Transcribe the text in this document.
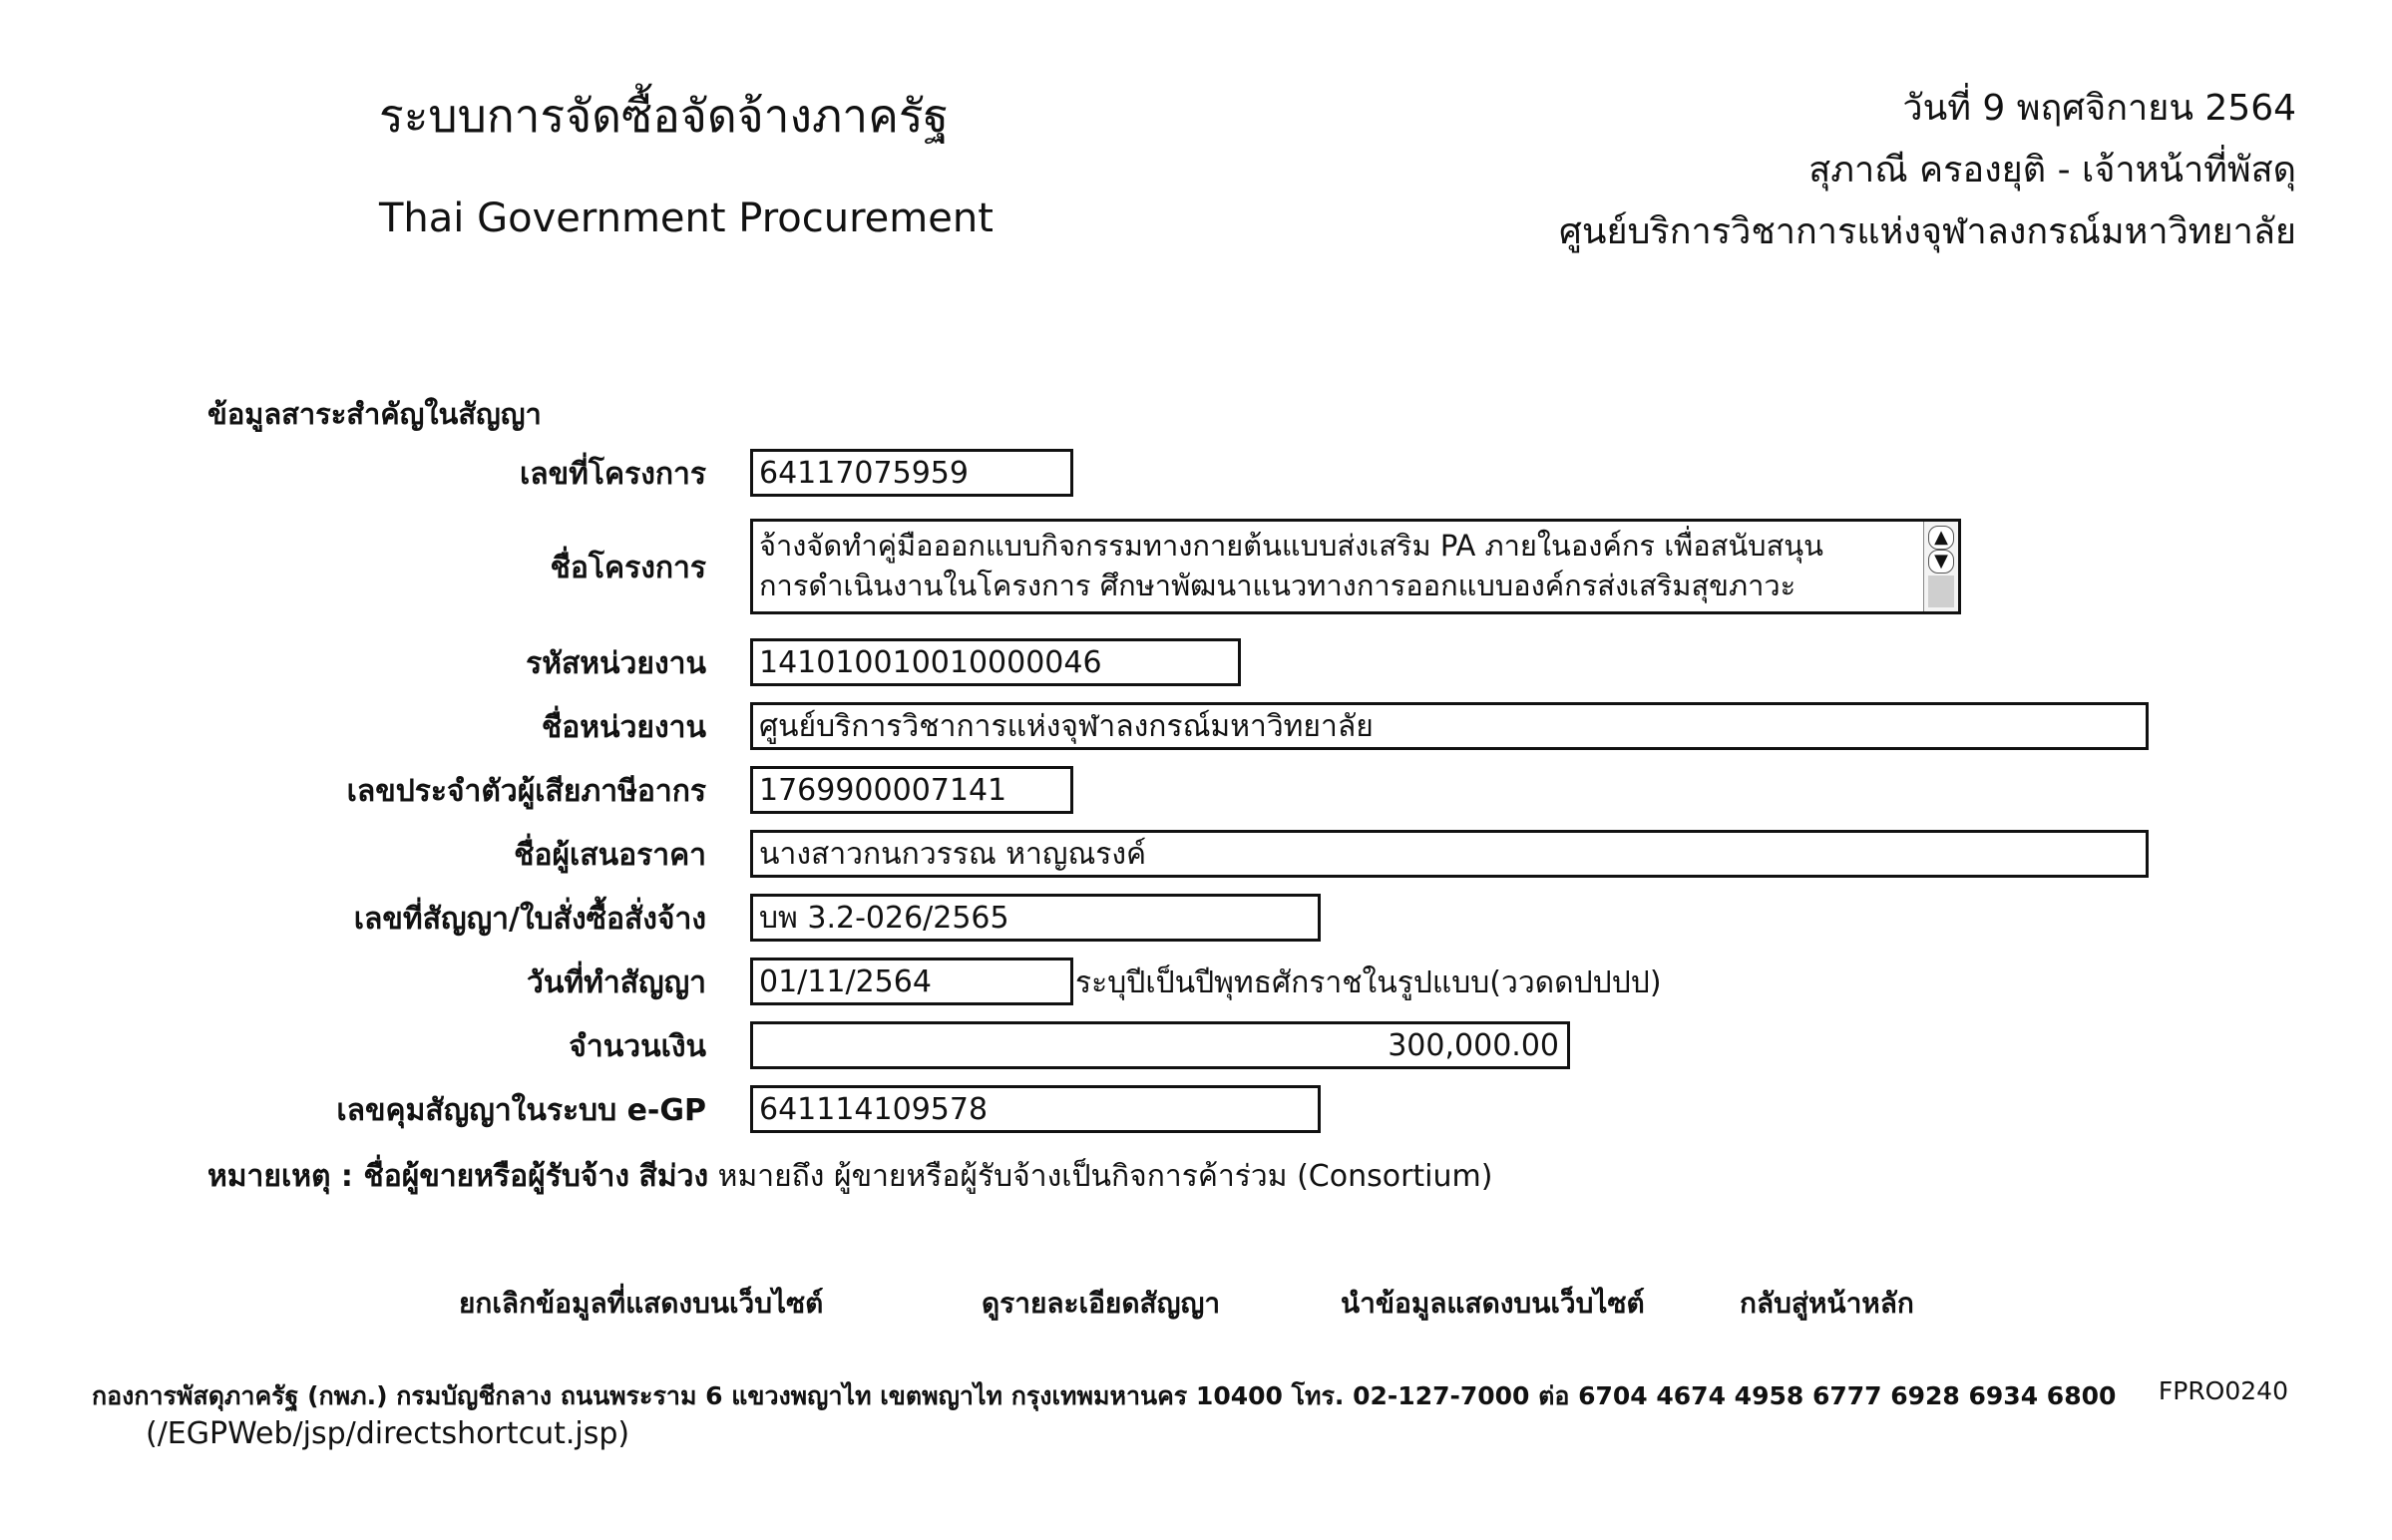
ระบบการจัดซื้อจัดจ้างภาครัฐ
Thai Government Procurement
วันที่ 9 พฤศจิกายน 2564
สุภาณี ครองยุติ - เจ้าหน้าที่พัสดุ
ศูนย์บริการวิชาการแห่งจุฬาลงกรณ์มหาวิทยาลัย
ข้อมูลสาระสำคัญในสัญญา
เลขที่โครงการ	64117075959
ชื่อโครงการ
จ้างจัดทำคู่มือออกแบบกิจกรรมทางกายต้นแบบส่งเสริม PA ภายในองค์กร เพื่อสนับสนุน
การดำเนินงานในโครงการ ศึกษาพัฒนาแนวทางการออกแบบองค์กรส่งเสริมสุขภาวะ
▲
▼
รหัสหน่วยงาน	141010010010000046
ชื่อหน่วยงาน	ศูนย์บริการวิชาการแห่งจุฬาลงกรณ์มหาวิทยาลัย
เลขประจำตัวผู้เสียภาษีอากร	1769900007141
ชื่อผู้เสนอราคา	นางสาวกนกวรรณ หาญณรงค์
เลขที่สัญญา/ใบสั่งซื้อสั่งจ้าง	บพ 3.2-026/2565
วันที่ทำสัญญา	01/11/2564	ระบุปีเป็นปีพุทธศักราชในรูปแบบ(ววดดปปปป)
จำนวนเงิน	300,000.00
เลขคุมสัญญาในระบบ e-GP	641114109578
หมายเหตุ : ชื่อผู้ขายหรือผู้รับจ้าง สีม่วง หมายถึง ผู้ขายหรือผู้รับจ้างเป็นกิจการค้าร่วม (Consortium)
ยกเลิกข้อมูลที่แสดงบนเว็บไซต์	ดูรายละเอียดสัญญา	นำข้อมูลแสดงบนเว็บไซต์	กลับสู่หน้าหลัก
กองการพัสดุภาครัฐ (กพภ.) กรมบัญชีกลาง ถนนพระราม 6 แขวงพญาไท เขตพญาไท กรุงเทพมหานคร 10400 โทร. 02-127-7000 ต่อ 6704 4674 4958 6777 6928 6934 6800 FPRO0240
(/EGPWeb/jsp/directshortcut.jsp)
